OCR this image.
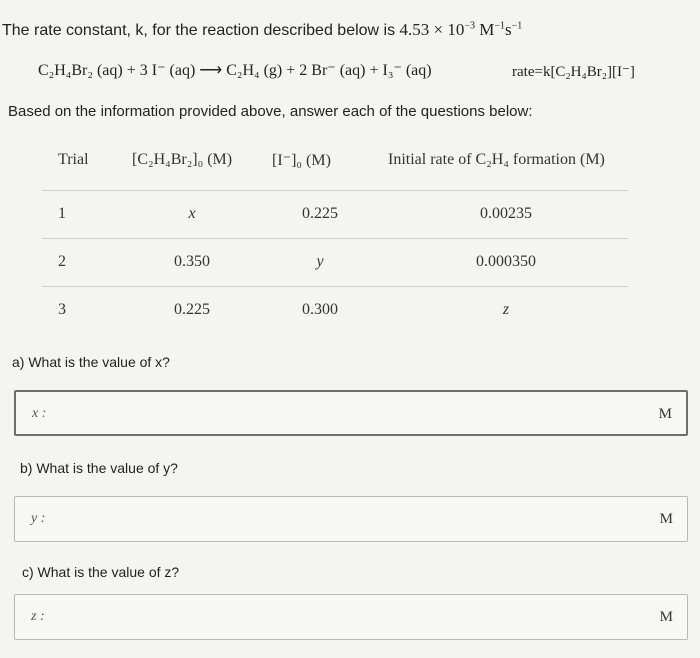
The rate constant, k, for the reaction described below is $4.53 \times 10^{-3}$ $M^{-1}s^{-1}$
C₂H₄Br₂ (aq) + 3 I⁻ (aq) ⟶ C₂H₄ (g) + 2 Br⁻ (aq) + I₃⁻ (aq)	rate=k[C₂H₄Br₂][I⁻]
Based on the information provided above, answer each of the questions below:
Trial	[C₂H₄Br₂]₀ (M)	[I⁻]₀ (M)	Initial rate of C₂H₄ formation (M)
1	x	0.225	0.00235
2	0.350	y	0.000350
3	0.225	0.300	z
a) What is the value of x?
x :	M
b) What is the value of y?
y :	M
c) What is the value of z?
z :	M
